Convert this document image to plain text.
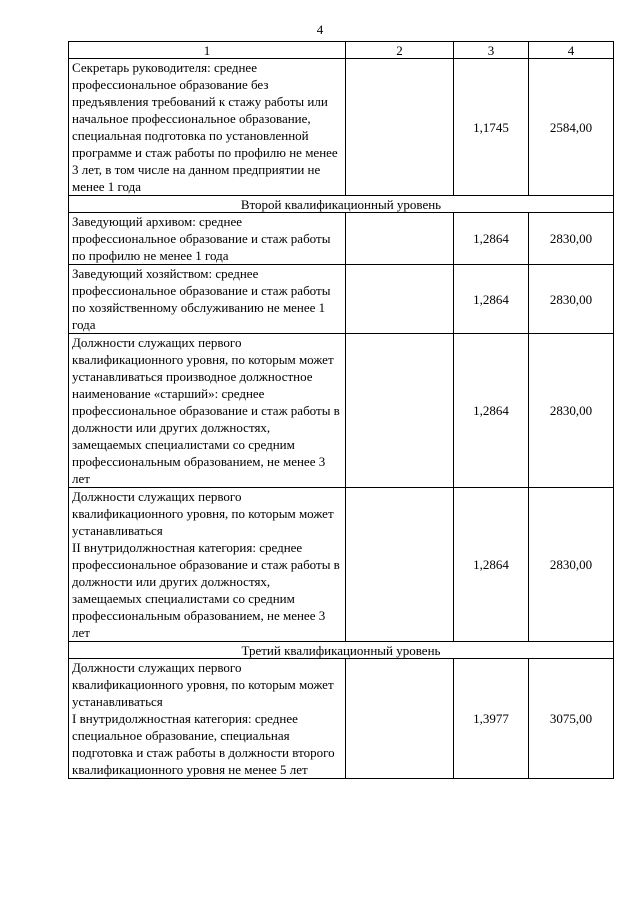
4
1	2	3	4
Секретарь руководителя: среднее профессиональное образование без предъявления требований к стажу работы или начальное профессиональное образование, специальная подготовка по установленной программе и стаж работы по профилю не менее 3 лет, в том числе на данном предприятии не менее 1 года		1,1745	2584,00
Второй квалификационный уровень			
Заведующий архивом: среднее профессиональное образование и стаж работы по профилю не менее 1 года		1,2864	2830,00
Заведующий хозяйством: среднее профессиональное образование и стаж работы по хозяйственному обслуживанию не менее 1 года		1,2864	2830,00
Должности служащих первого квалификационного уровня, по которым может устанавливаться производное должностное наименование «старший»: среднее профессиональное образование и стаж работы в должности или других должностях, замещаемых специалистами со средним профессиональным образованием, не менее 3 лет		1,2864	2830,00
Должности служащих первого квалификационного уровня, по которым может устанавливаться
II внутридолжностная категория: среднее профессиональное образование и стаж работы в должности или других должностях, замещаемых специалистами со средним профессиональным образованием, не менее 3 лет		1,2864	2830,00
Третий квалификационный уровень			
Должности служащих первого квалификационного уровня, по которым может устанавливаться
I внутридолжностная категория: среднее специальное образование, специальная подготовка и стаж работы в должности второго квалификационного уровня не менее 5 лет		1,3977	3075,00
